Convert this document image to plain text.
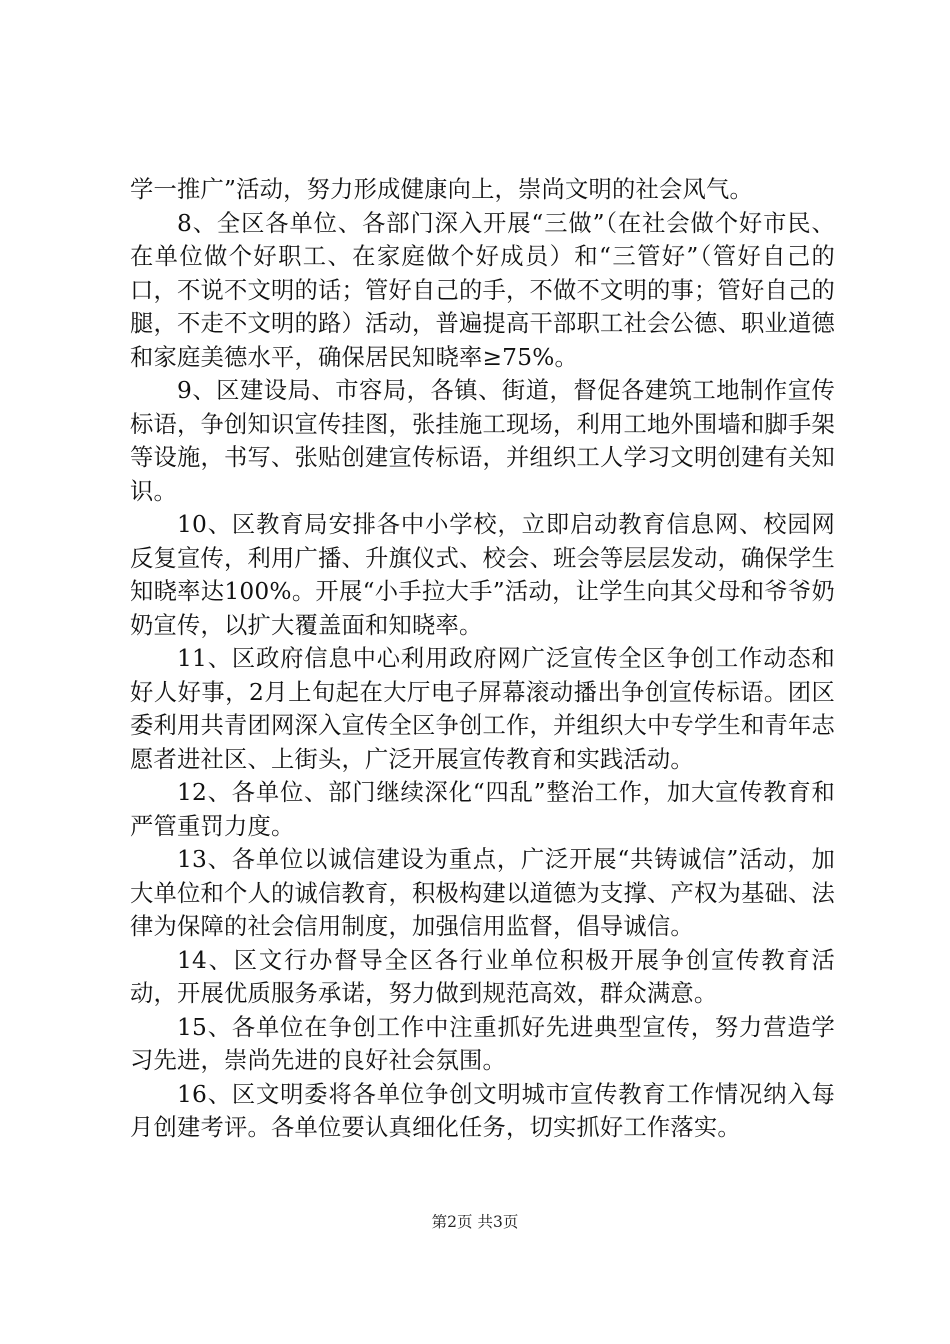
学一推广”活动，努力形成健康向上，崇尚文明的社会风气。

8、全区各单位、各部门深入开展“三做”（在社会做个好市民、在单位做个好职工、在家庭做个好成员）和“三管好”（管好自己的口，不说不文明的话；管好自己的手，不做不文明的事；管好自己的腿，不走不文明的路）活动，普遍提高干部职工社会公德、职业道德和家庭美德水平，确保居民知晓率≥75%。

9、区建设局、市容局，各镇、街道，督促各建筑工地制作宣传标语，争创知识宣传挂图，张挂施工现场，利用工地外围墙和脚手架等设施，书写、张贴创建宣传标语，并组织工人学习文明创建有关知识。

10、区教育局安排各中小学校，立即启动教育信息网、校园网反复宣传，利用广播、升旗仪式、校会、班会等层层发动，确保学生知晓率达100%。开展“小手拉大手”活动，让学生向其父母和爷爷奶奶宣传，以扩大覆盖面和知晓率。

11、区政府信息中心利用政府网广泛宣传全区争创工作动态和好人好事，2月上旬起在大厅电子屏幕滚动播出争创宣传标语。团区委利用共青团网深入宣传全区争创工作，并组织大中专学生和青年志愿者进社区、上街头，广泛开展宣传教育和实践活动。

12、各单位、部门继续深化“四乱”整治工作，加大宣传教育和严管重罚力度。

13、各单位以诚信建设为重点，广泛开展“共铸诚信”活动，加大单位和个人的诚信教育，积极构建以道德为支撑、产权为基础、法律为保障的社会信用制度，加强信用监督，倡导诚信。

14、区文行办督导全区各行业单位积极开展争创宣传教育活动，开展优质服务承诺，努力做到规范高效，群众满意。

15、各单位在争创工作中注重抓好先进典型宣传，努力营造学习先进，崇尚先进的良好社会氛围。

16、区文明委将各单位争创文明城市宣传教育工作情况纳入每月创建考评。各单位要认真细化任务，切实抓好工作落实。

第2页 共3页
